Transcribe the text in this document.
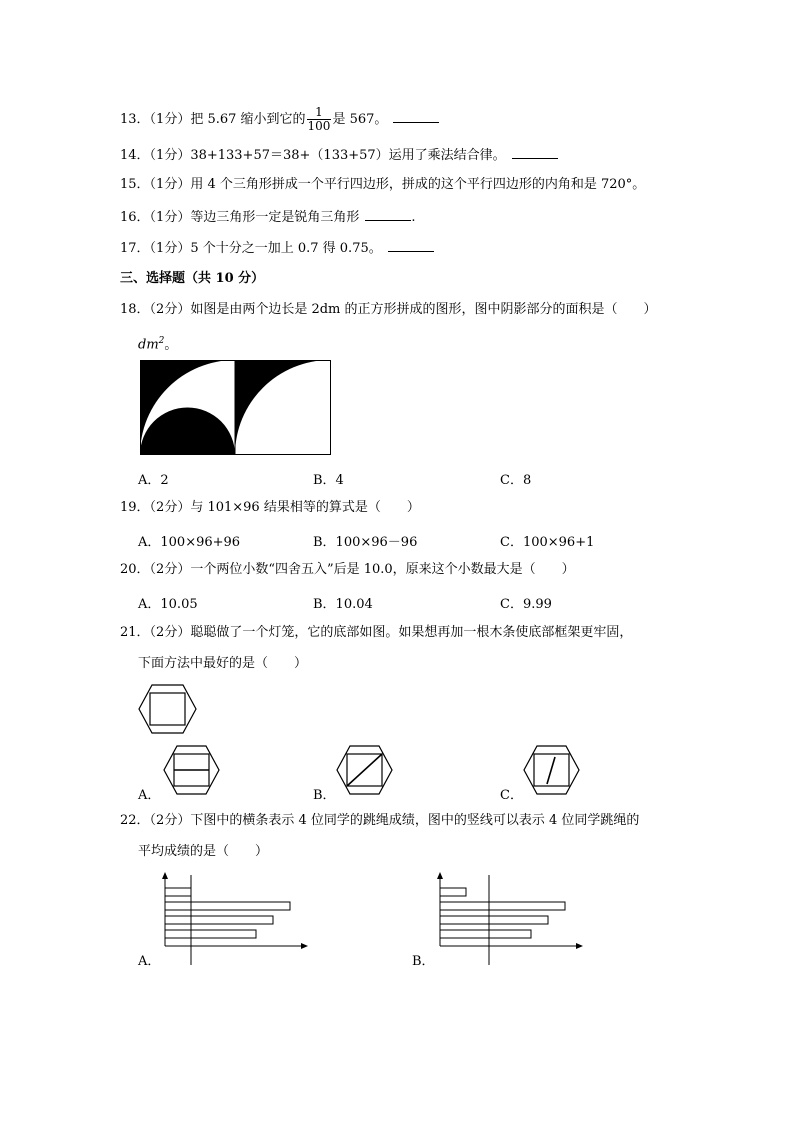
13．（1分）把 5.67 缩小到它的 $\frac{1}{100}$ 是 567。
14．（1分）38+133+57＝38+（133+57）运用了乘法结合律。
15．（1分）用 4 个三角形拼成一个平行四边形，拼成的这个平行四边形的内角和是 720°。
16．（1分）等边三角形一定是锐角三角形	.
17．（1分）5 个十分之一加上 0.7 得 0.75。
三、选择题（共 10 分）
18．（2分）如图是由两个边长是 2dm 的正方形拼成的图形，图中阴影部分的面积是（　　）
$dm^2$。
A．2	B．4	C．8
19．（2分）与 101×96 结果相等的算式是（　　）
A．100×96+96	B．100×96－96	C．100×96+1
20．（2分）一个两位小数“四舍五入”后是 10.0，原来这个小数最大是（　　）
A．10.05	B．10.04	C．9.99
21．（2分）聪聪做了一个灯笼，它的底部如图。如果想再加一根木条使底部框架更牢固，
下面方法中最好的是（　　）
A．	B．	C．
22．（2分）下图中的横条表示 4 位同学的跳绳成绩，图中的竖线可以表示 4 位同学跳绳的
平均成绩的是（　　）
A．	B．
